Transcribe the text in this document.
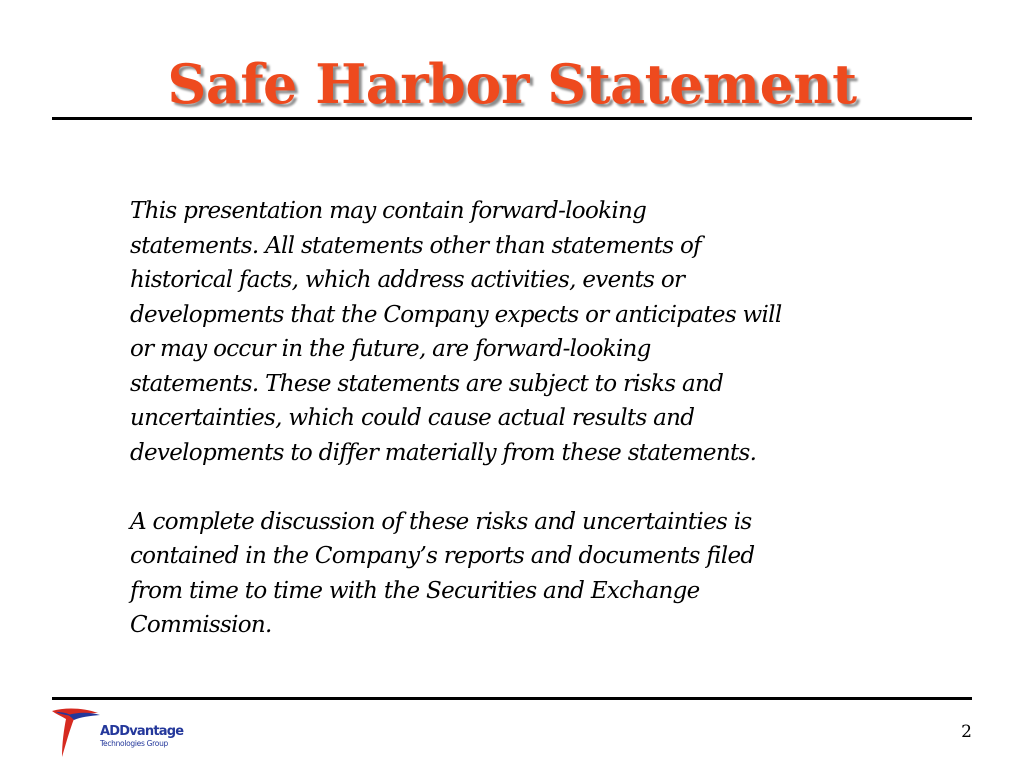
Safe Harbor Statement

This presentation may contain forward-looking
statements. All statements other than statements of
historical facts, which address activities, events or
developments that the Company expects or anticipates will
or may occur in the future, are forward-looking
statements. These statements are subject to risks and
uncertainties, which could cause actual results and
developments to differ materially from these statements.

A complete discussion of these risks and uncertainties is
contained in the Company’s reports and documents filed
from time to time with the Securities and Exchange
Commission.

ADDvantage
Technologies Group
2
